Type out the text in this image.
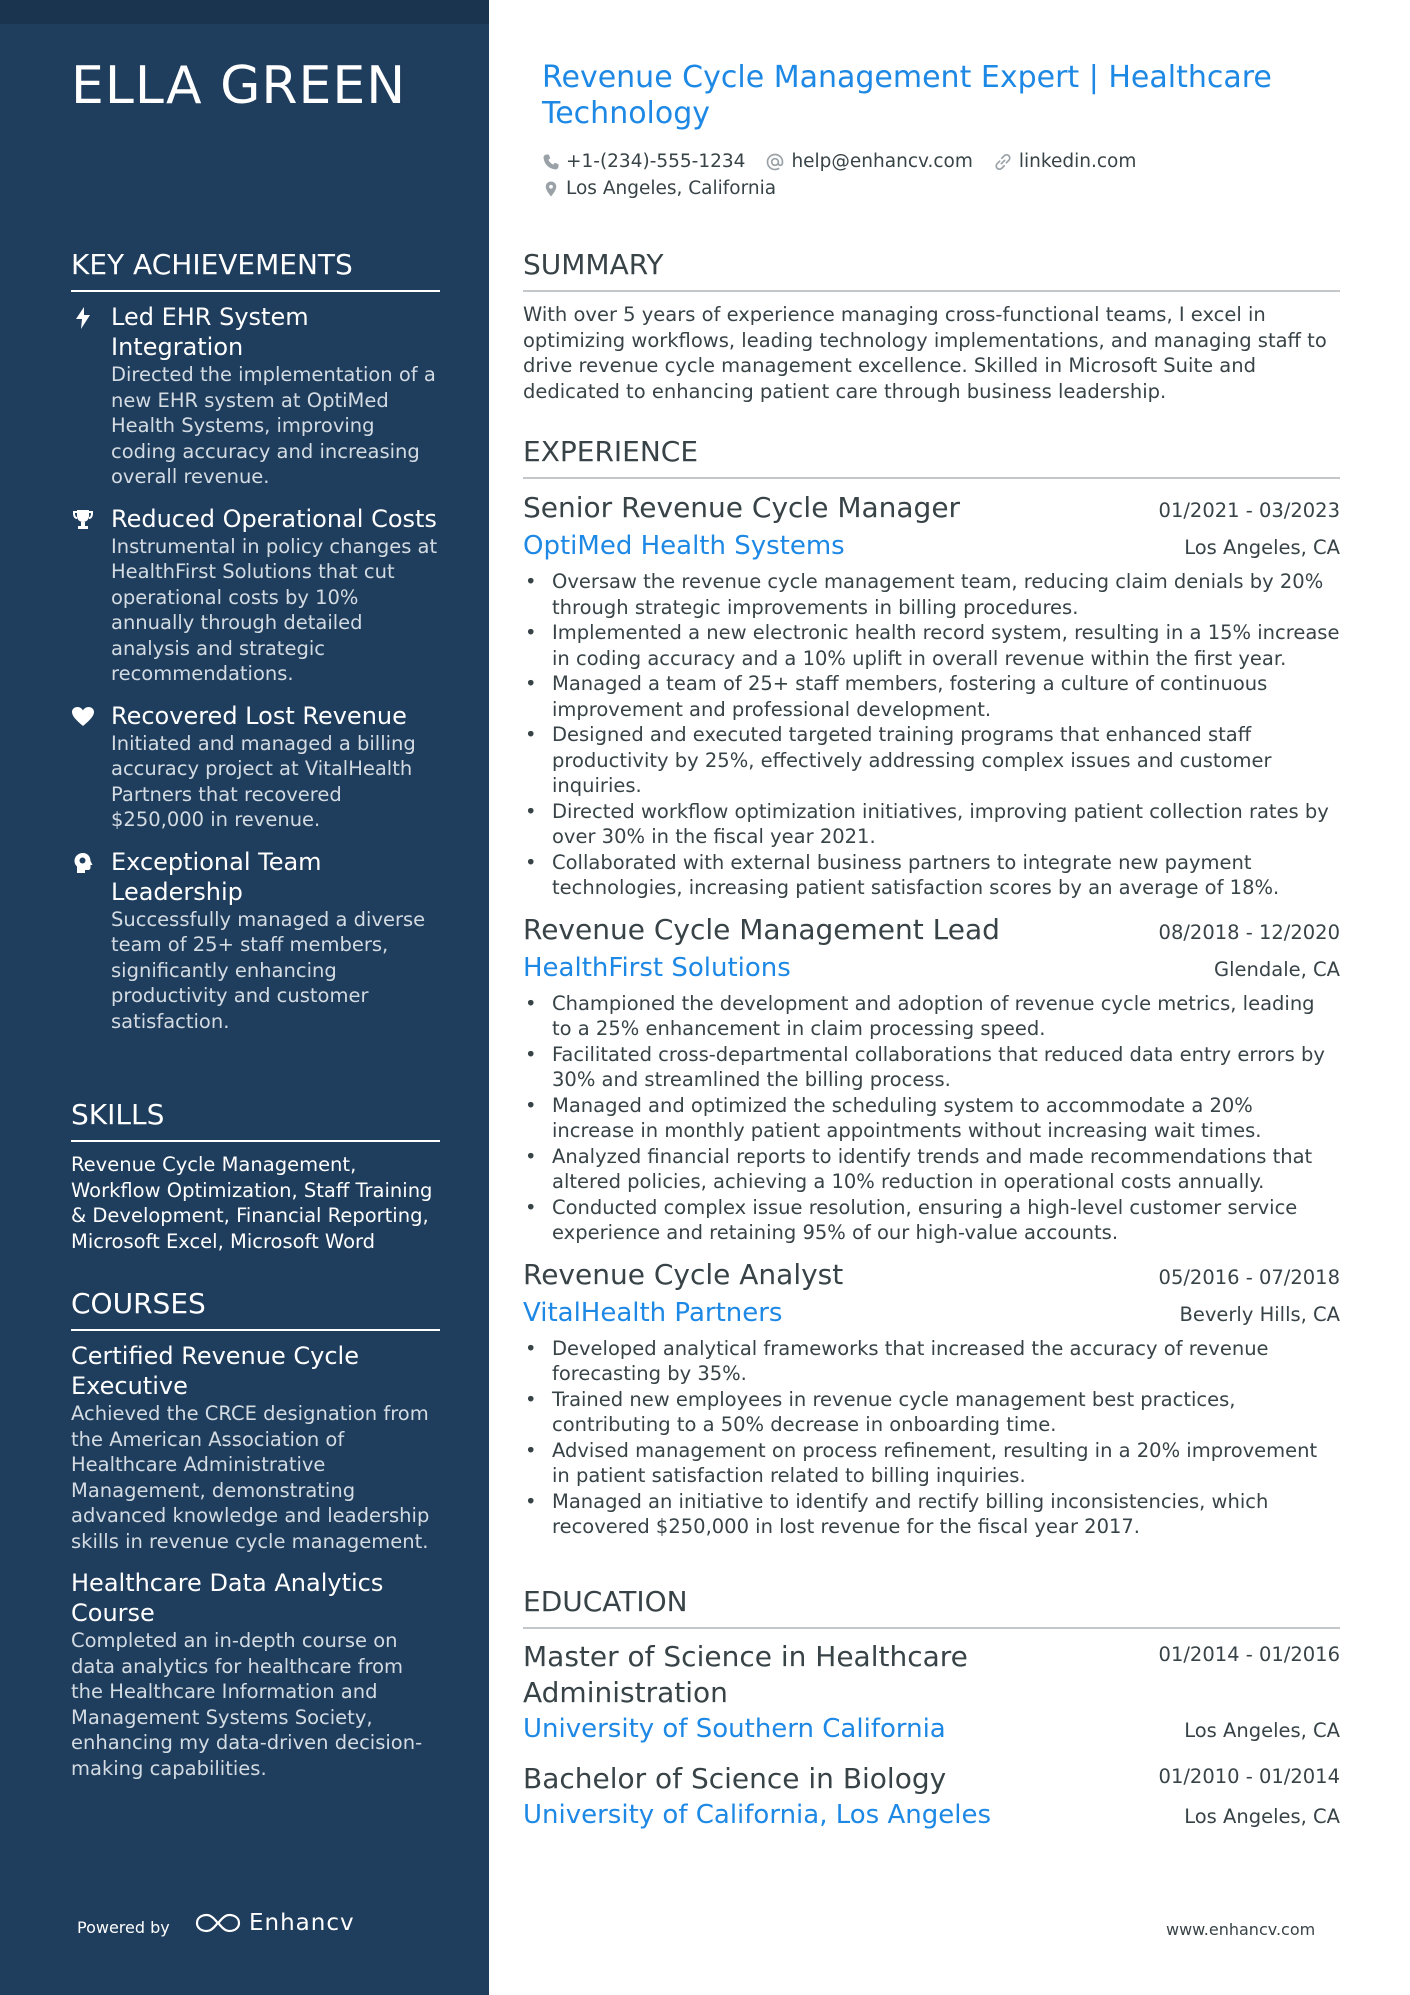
ELLA GREEN
KEY ACHIEVEMENTS
Led EHR System Integration
Directed the implementation of a new EHR system at OptiMed Health Systems, improving coding accuracy and increasing overall revenue.
Reduced Operational Costs
Instrumental in policy changes at HealthFirst Solutions that cut operational costs by 10% annually through detailed analysis and strategic recommendations.
Recovered Lost Revenue
Initiated and managed a billing accuracy project at VitalHealth Partners that recovered $250,000 in revenue.
Exceptional Team Leadership
Successfully managed a diverse team of 25+ staff members, significantly enhancing productivity and customer satisfaction.
SKILLS
Revenue Cycle Management, Workflow Optimization, Staff Training & Development, Financial Reporting, Microsoft Excel, Microsoft Word
COURSES
Certified Revenue Cycle Executive
Achieved the CRCE designation from the American Association of Healthcare Administrative Management, demonstrating advanced knowledge and leadership skills in revenue cycle management.
Healthcare Data Analytics Course
Completed an in-depth course on data analytics for healthcare from the Healthcare Information and Management Systems Society, enhancing my data-driven decision-making capabilities.
Powered by	Enhancv
Revenue Cycle Management Expert | Healthcare Technology
+1-(234)-555-1234 help@enhancv.com linkedin.com
Los Angeles, California
SUMMARY
With over 5 years of experience managing cross-functional teams, I excel in optimizing workflows, leading technology implementations, and managing staff to drive revenue cycle management excellence. Skilled in Microsoft Suite and dedicated to enhancing patient care through business leadership.
EXPERIENCE
Senior Revenue Cycle Manager	01/2021 - 03/2023
OptiMed Health Systems	Los Angeles, CA
• Oversaw the revenue cycle management team, reducing claim denials by 20% through strategic improvements in billing procedures.
• Implemented a new electronic health record system, resulting in a 15% increase in coding accuracy and a 10% uplift in overall revenue within the first year.
• Managed a team of 25+ staff members, fostering a culture of continuous improvement and professional development.
• Designed and executed targeted training programs that enhanced staff productivity by 25%, effectively addressing complex issues and customer inquiries.
• Directed workflow optimization initiatives, improving patient collection rates by over 30% in the fiscal year 2021.
• Collaborated with external business partners to integrate new payment technologies, increasing patient satisfaction scores by an average of 18%.
Revenue Cycle Management Lead	08/2018 - 12/2020
HealthFirst Solutions	Glendale, CA
• Championed the development and adoption of revenue cycle metrics, leading to a 25% enhancement in claim processing speed.
• Facilitated cross-departmental collaborations that reduced data entry errors by 30% and streamlined the billing process.
• Managed and optimized the scheduling system to accommodate a 20% increase in monthly patient appointments without increasing wait times.
• Analyzed financial reports to identify trends and made recommendations that altered policies, achieving a 10% reduction in operational costs annually.
• Conducted complex issue resolution, ensuring a high-level customer service experience and retaining 95% of our high-value accounts.
Revenue Cycle Analyst	05/2016 - 07/2018
VitalHealth Partners	Beverly Hills, CA
• Developed analytical frameworks that increased the accuracy of revenue forecasting by 35%.
• Trained new employees in revenue cycle management best practices, contributing to a 50% decrease in onboarding time.
• Advised management on process refinement, resulting in a 20% improvement in patient satisfaction related to billing inquiries.
• Managed an initiative to identify and rectify billing inconsistencies, which recovered $250,000 in lost revenue for the fiscal year 2017.
EDUCATION
Master of Science in Healthcare Administration
01/2014 - 01/2016
University of Southern California	Los Angeles, CA
Bachelor of Science in Biology	01/2010 - 01/2014
University of California, Los Angeles	Los Angeles, CA
www.enhancv.com
